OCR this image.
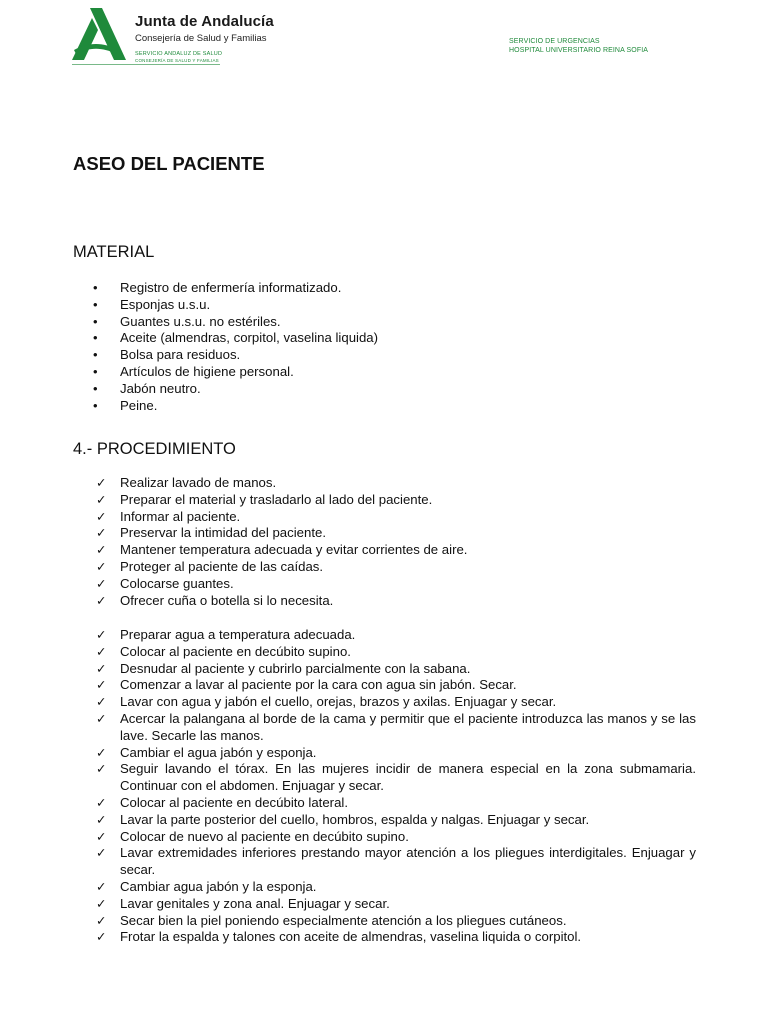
Junta de Andalucía
Consejería de Salud y Familias
SERVICIO ANDALUZ DE SALUD
CONSEJERÍA DE SALUD Y FAMILIAS
SERVICIO DE URGENCIAS
HOSPITAL UNIVERSITARIO REINA SOFIA
ASEO DEL PACIENTE
MATERIAL
• Registro de enfermería informatizado.
• Esponjas u.s.u.
• Guantes u.s.u. no estériles.
• Aceite (almendras, corpitol, vaselina liquida)
• Bolsa para residuos.
• Artículos de higiene personal.
• Jabón neutro.
• Peine.
4.- PROCEDIMIENTO
✓ Realizar lavado de manos.
✓ Preparar el material y trasladarlo al lado del paciente.
✓ Informar al paciente.
✓ Preservar la intimidad del paciente.
✓ Mantener temperatura adecuada y evitar corrientes de aire.
✓ Proteger al paciente de las caídas.
✓ Colocarse guantes.
✓ Ofrecer cuña o botella si lo necesita.
✓ Preparar agua a temperatura adecuada.
✓ Colocar al paciente en decúbito supino.
✓ Desnudar al paciente y cubrirlo parcialmente con la sabana.
✓ Comenzar a lavar al paciente por la cara con agua sin jabón. Secar.
✓ Lavar con agua y jabón el cuello, orejas, brazos y axilas. Enjuagar y secar.
✓ Acercar la palangana al borde de la cama y permitir que el paciente introduzca las manos y se las lave. Secarle las manos.
✓ Cambiar el agua jabón y esponja.
✓ Seguir lavando el tórax. En las mujeres incidir de manera especial en la zona submamaria. Continuar con el abdomen. Enjuagar y secar.
✓ Colocar al paciente en decúbito lateral.
✓ Lavar la parte posterior del cuello, hombros, espalda y nalgas. Enjuagar y secar.
✓ Colocar de nuevo al paciente en decúbito supino.
✓ Lavar extremidades inferiores prestando mayor atención a los pliegues interdigitales. Enjuagar y secar.
✓ Cambiar agua jabón y la esponja.
✓ Lavar genitales y zona anal. Enjuagar y secar.
✓ Secar bien la piel poniendo especialmente atención a los pliegues cutáneos.
✓ Frotar la espalda y talones con aceite de almendras, vaselina liquida o corpitol.
